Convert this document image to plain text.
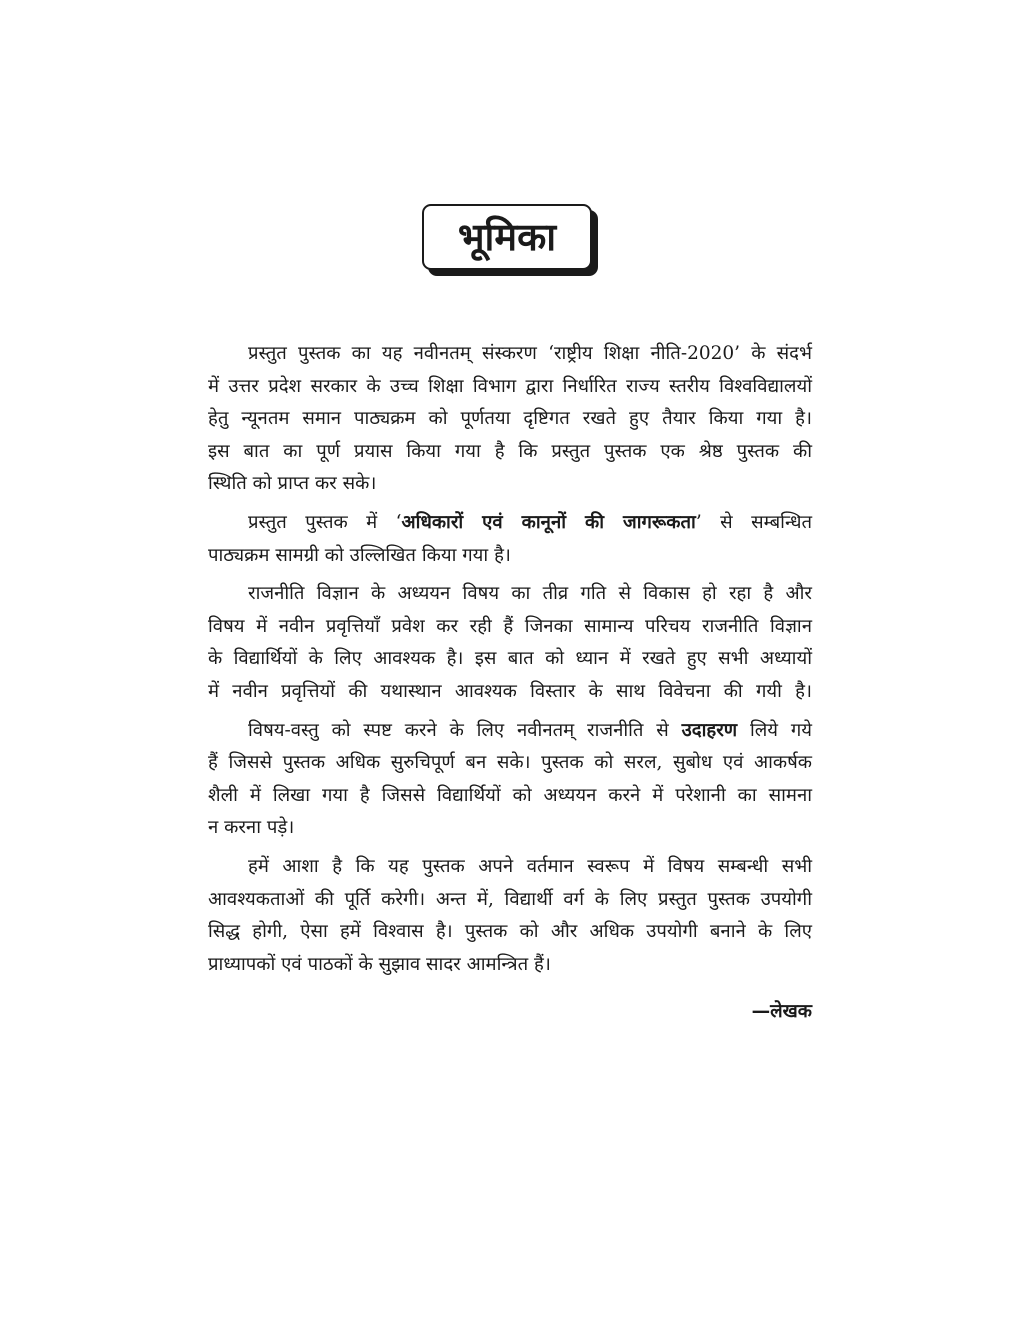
भूमिका
प्रस्तुत पुस्तक का यह नवीनतम् संस्करण ‘राष्ट्रीय शिक्षा नीति-2020’ के संदर्भ
में उत्तर प्रदेश सरकार के उच्च शिक्षा विभाग द्वारा निर्धारित राज्य स्तरीय विश्वविद्यालयों
हेतु न्यूनतम समान पाठ्यक्रम को पूर्णतया दृष्टिगत रखते हुए तैयार किया गया है।
इस बात का पूर्ण प्रयास किया गया है कि प्रस्तुत पुस्तक एक श्रेष्ठ पुस्तक की
स्थिति को प्राप्त कर सके।
प्रस्तुत पुस्तक में ‘अधिकारों एवं कानूनों की जागरूकता’ से सम्बन्धित
पाठ्यक्रम सामग्री को उल्लिखित किया गया है।
राजनीति विज्ञान के अध्ययन विषय का तीव्र गति से विकास हो रहा है और
विषय में नवीन प्रवृत्तियाँ प्रवेश कर रही हैं जिनका सामान्य परिचय राजनीति विज्ञान
के विद्यार्थियों के लिए आवश्यक है। इस बात को ध्यान में रखते हुए सभी अध्यायों
में नवीन प्रवृत्तियों की यथास्थान आवश्यक विस्तार के साथ विवेचना की गयी है।
विषय-वस्तु को स्पष्ट करने के लिए नवीनतम् राजनीति से उदाहरण लिये गये
हैं जिससे पुस्तक अधिक सुरुचिपूर्ण बन सके। पुस्तक को सरल, सुबोध एवं आकर्षक
शैली में लिखा गया है जिससे विद्यार्थियों को अध्ययन करने में परेशानी का सामना
न करना पड़े।
हमें आशा है कि यह पुस्तक अपने वर्तमान स्वरूप में विषय सम्बन्धी सभी
आवश्यकताओं की पूर्ति करेगी। अन्त में, विद्यार्थी वर्ग के लिए प्रस्तुत पुस्तक उपयोगी
सिद्ध होगी, ऐसा हमें विश्वास है। पुस्तक को और अधिक उपयोगी बनाने के लिए
प्राध्यापकों एवं पाठकों के सुझाव सादर आमन्त्रित हैं।
—लेखक
